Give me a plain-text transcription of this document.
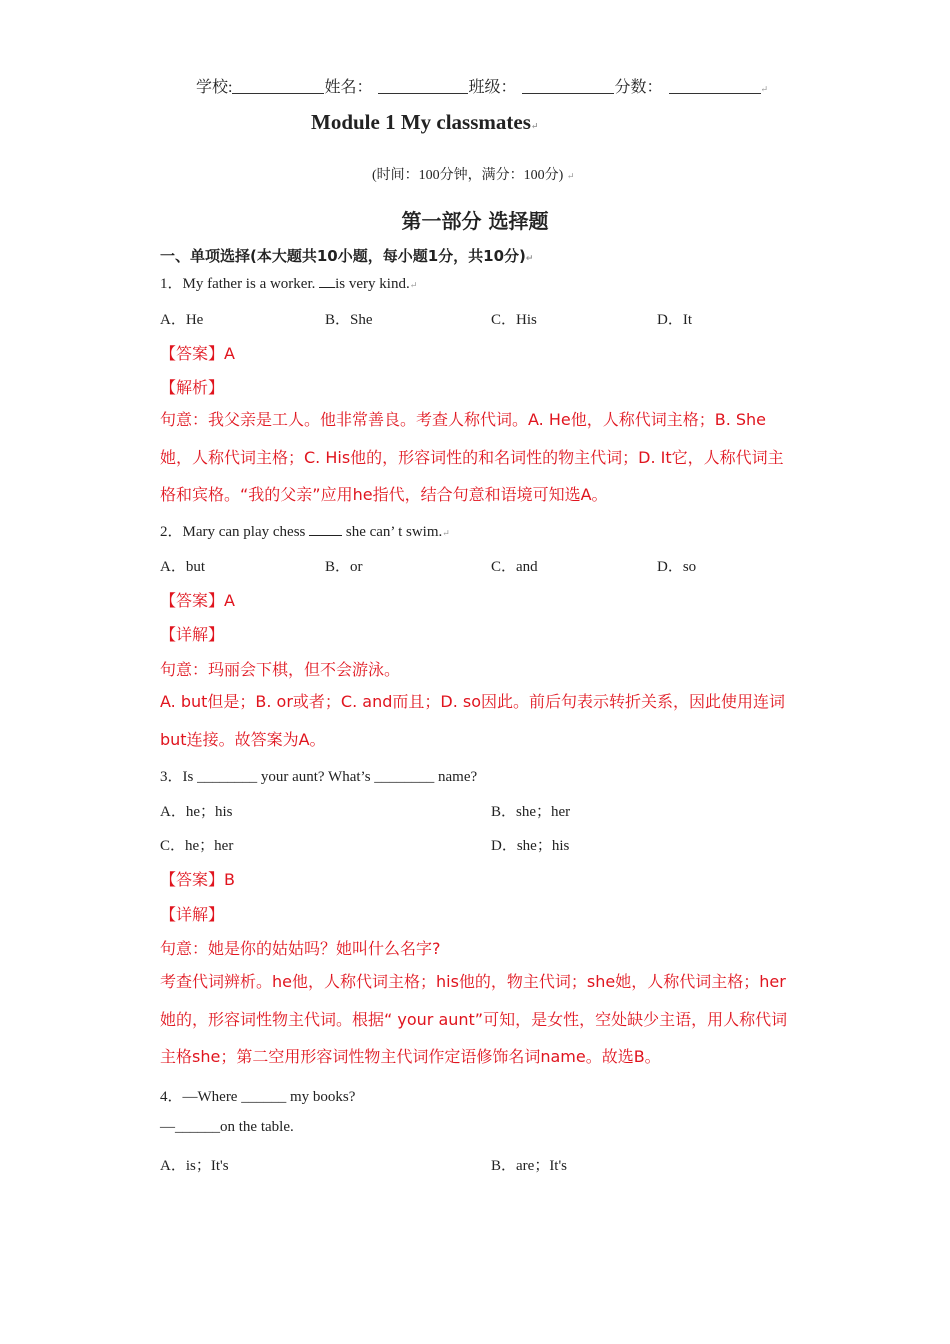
学校:	姓名：	班级：	分数：	↵
Module 1 My classmates↵
(时间：100分钟，满分：100分) ↵
第一部分 选择题
一、单项选择(本大题共10小题，每小题1分，共10分)↵
1．My father is a worker. is very kind.↵
A．He	B．She	C．His	D．It
【答案】A
【解析】
句意：我父亲是工人。他非常善良。考查人称代词。A. He他，人称代词主格；B. She她，人称代词主格；C. His他的，形容词性的和名词性的物主代词；D. It它，人称代词主格和宾格。“我的父亲”应用he指代，结合句意和语境可知选A。
2．Mary can play chess  she can’ t swim.↵
A．but	B．or	C．and	D．so
【答案】A
【详解】
句意：玛丽会下棋，但不会游泳。
A. but但是；B. or或者；C. and而且；D. so因此。前后句表示转折关系，因此使用连词but连接。故答案为A。
3．Is ________ your aunt? What’s ________ name?
A．he；his	B．she；her
C．he；her	D．she；his
【答案】B
【详解】
句意：她是你的姑姑吗？她叫什么名字?
考查代词辨析。he他，人称代词主格；his他的，物主代词；she她，人称代词主格；her她的，形容词性物主代词。根据“ your aunt”可知，是女性，空处缺少主语，用人称代词主格she；第二空用形容词性物主代词作定语修饰名词name。故选B。
4．—Where ______ my books?
—______on the table.
A．is；It's	B．are；It's
